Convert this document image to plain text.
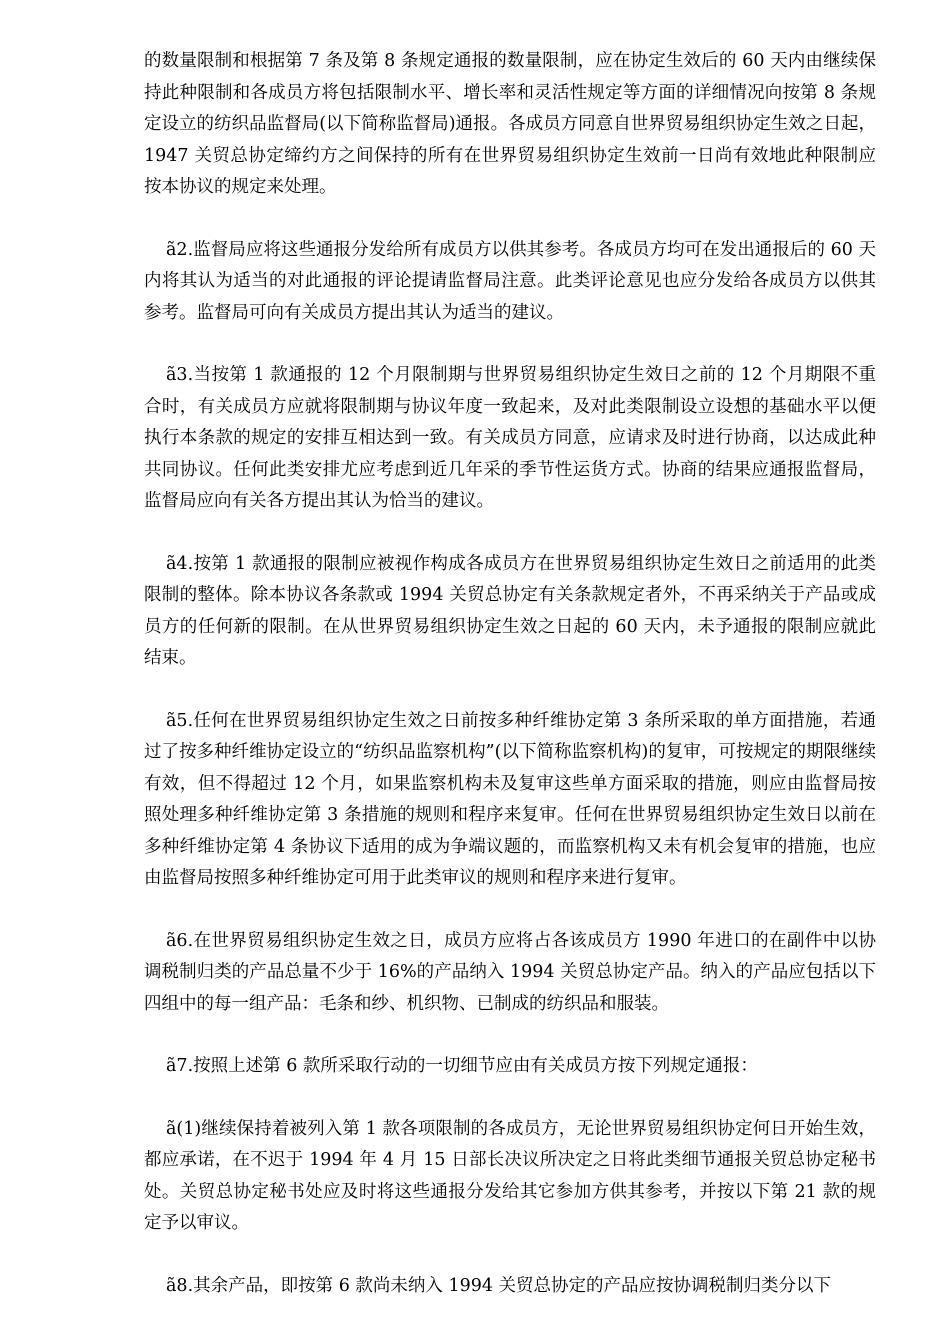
的数量限制和根据第 7 条及第 8 条规定通报的数量限制，应在协定生效后的 60 天内由继续保持此种限制和各成员方将包括限制水平、增长率和灵活性规定等方面的详细情况向按第 8 条规定设立的纺织品监督局(以下简称监督局)通报。各成员方同意自世界贸易组织协定生效之日起，1947 关贸总协定缔约方之间保持的所有在世界贸易组织协定生效前一日尚有效地此种限制应按本协议的规定来处理。

ã2.监督局应将这些通报分发给所有成员方以供其参考。各成员方均可在发出通报后的 60 天内将其认为适当的对此通报的评论提请监督局注意。此类评论意见也应分发给各成员方以供其参考。监督局可向有关成员方提出其认为适当的建议。

ã3.当按第 1 款通报的 12 个月限制期与世界贸易组织协定生效日之前的 12 个月期限不重合时，有关成员方应就将限制期与协议年度一致起来，及对此类限制设立设想的基础水平以便执行本条款的规定的安排互相达到一致。有关成员方同意，应请求及时进行协商，以达成此种共同协议。任何此类安排尤应考虑到近几年采的季节性运货方式。协商的结果应通报监督局，监督局应向有关各方提出其认为恰当的建议。

ã4.按第 1 款通报的限制应被视作构成各成员方在世界贸易组织协定生效日之前适用的此类限制的整体。除本协议各条款或 1994 关贸总协定有关条款规定者外，不再采纳关于产品或成员方的任何新的限制。在从世界贸易组织协定生效之日起的 60 天内，未予通报的限制应就此结束。

ã5.任何在世界贸易组织协定生效之日前按多种纤维协定第 3 条所采取的单方面措施，若通过了按多种纤维协定设立的“纺织品监察机构”(以下简称监察机构)的复审，可按规定的期限继续有效，但不得超过 12 个月，如果监察机构未及复审这些单方面采取的措施，则应由监督局按照处理多种纤维协定第 3 条措施的规则和程序来复审。任何在世界贸易组织协定生效日以前在多种纤维协定第 4 条协议下适用的成为争端议题的，而监察机构又未有机会复审的措施，也应由监督局按照多种纤维协定可用于此类审议的规则和程序来进行复审。

ã6.在世界贸易组织协定生效之日，成员方应将占各该成员方 1990 年进口的在副件中以协调税制归类的产品总量不少于 16%的产品纳入 1994 关贸总协定产品。纳入的产品应包括以下四组中的每一组产品：毛条和纱、机织物、已制成的纺织品和服装。

ã7.按照上述第 6 款所采取行动的一切细节应由有关成员方按下列规定通报：

ã(1)继续保持着被列入第 1 款各项限制的各成员方，无论世界贸易组织协定何日开始生效，都应承诺，在不迟于 1994 年 4 月 15 日部长决议所决定之日将此类细节通报关贸总协定秘书处。关贸总协定秘书处应及时将这些通报分发给其它参加方供其参考，并按以下第 21 款的规定予以审议。

ã8.其余产品，即按第 6 款尚未纳入 1994 关贸总协定的产品应按协调税制归类分以下
